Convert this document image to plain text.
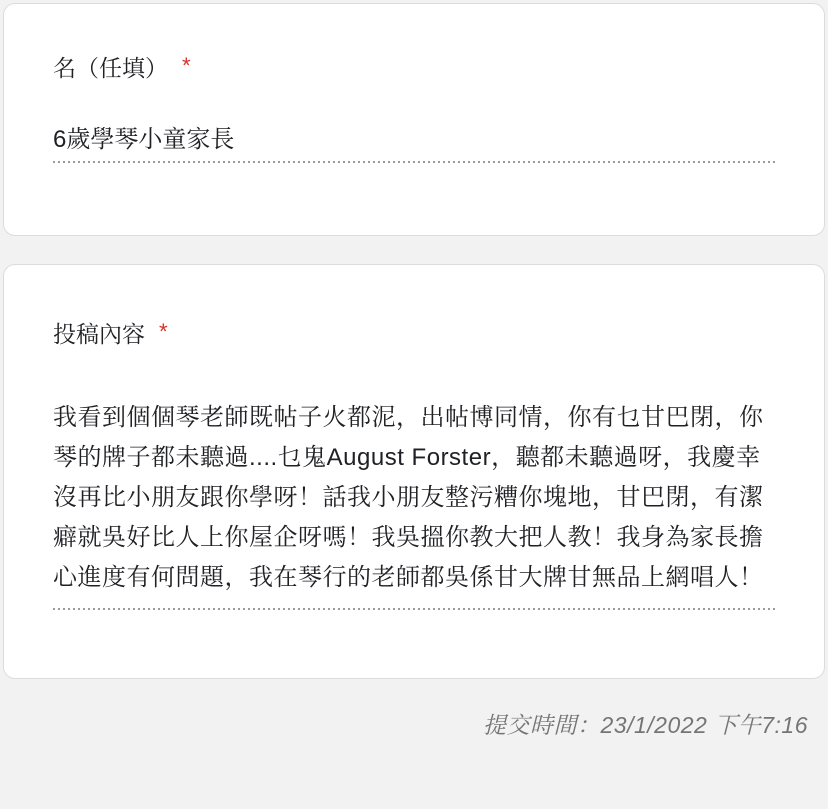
名（任填） *
6歲學琴小童家長
投稿內容 *
我看到個個琴老師既帖子火都泥，出帖博同情，你有乜甘巴閉，你琴的牌子都未聽過....乜鬼August Forster，聽都未聽過呀，我慶幸沒再比小朋友跟你學呀！話我小朋友整污糟你塊地，甘巴閉，有潔癖就吳好比人上你屋企呀嗎！我吳搵你教大把人教！我身為家長擔心進度有何問題，我在琴行的老師都吳係甘大牌甘無品上網唱人！
提交時間：23/1/2022 下午7:16
